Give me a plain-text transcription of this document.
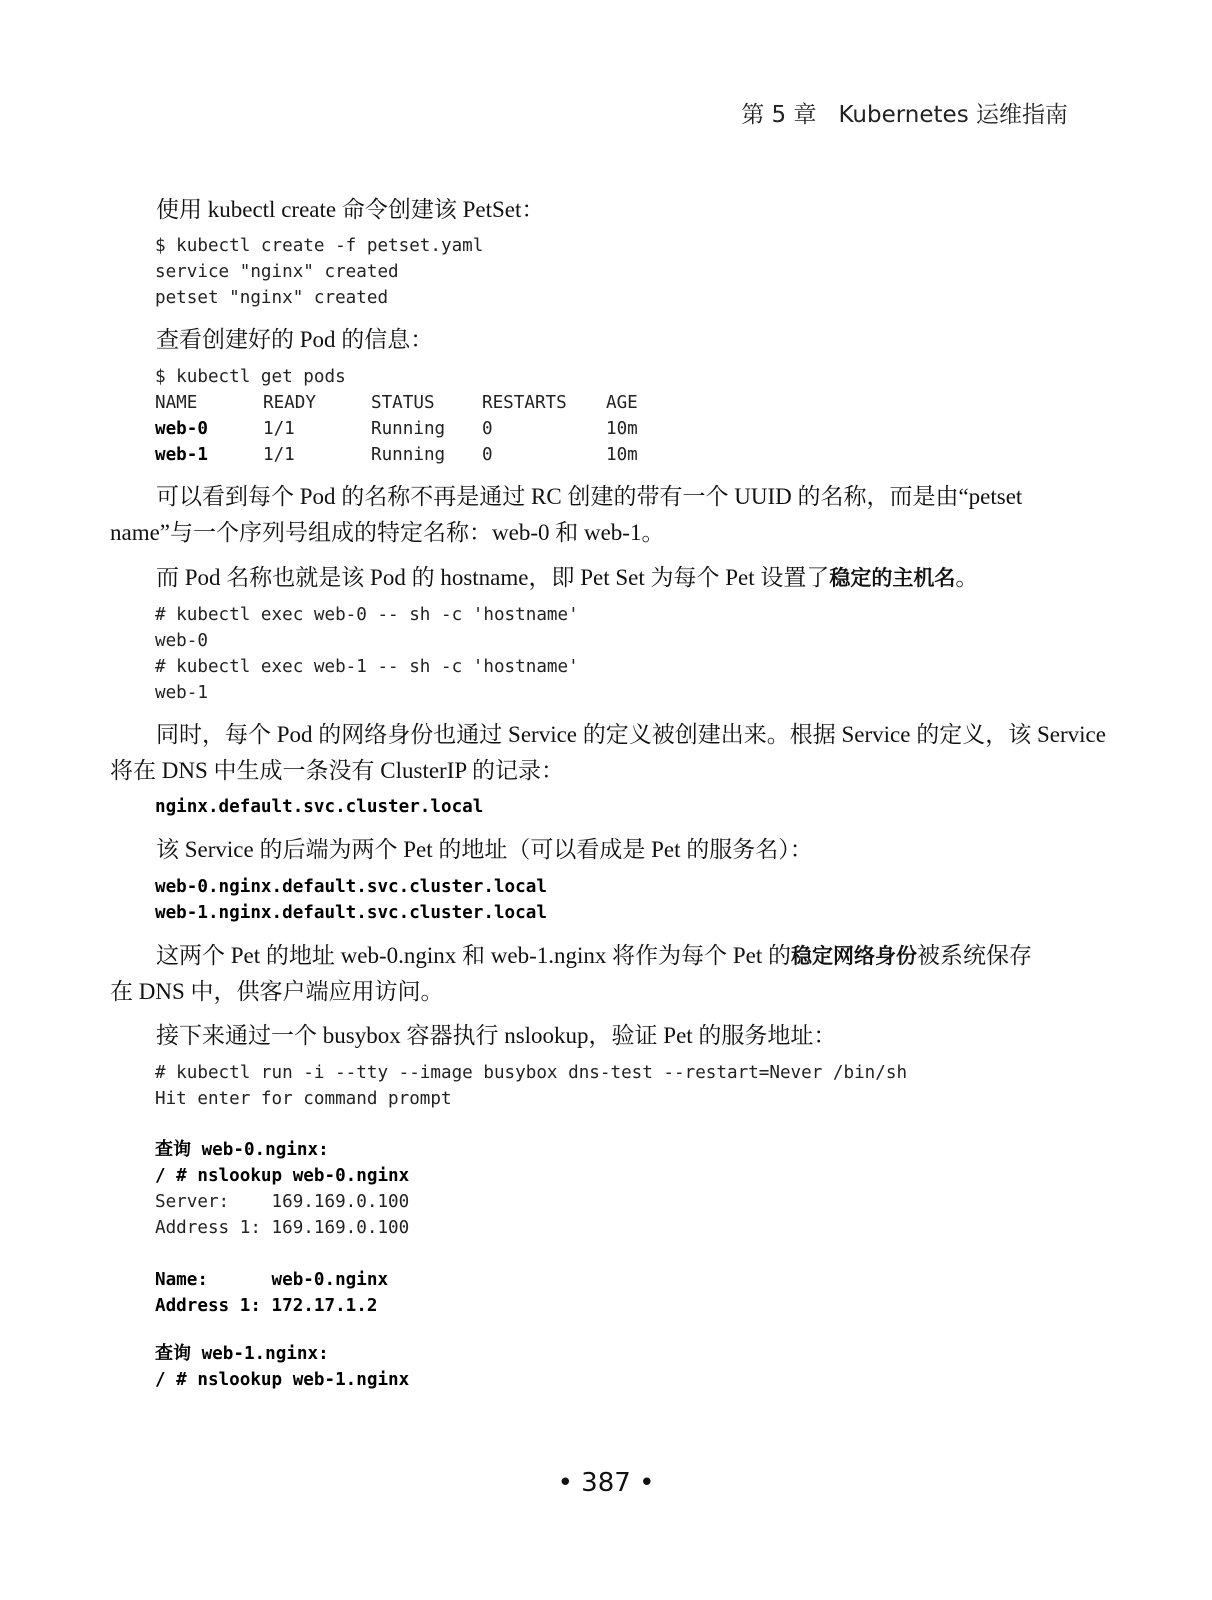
第 5 章 Kubernetes 运维指南
使用 kubectl create 命令创建该 PetSet：
$ kubectl create -f petset.yaml
service "nginx" created
petset "nginx" created
查看创建好的 Pod 的信息：
$ kubectl get pods
NAME	READY	STATUS	RESTARTS AGE
web-0	1/1	Running 0	10m
web-1	1/1	Running 0	10m
可以看到每个 Pod 的名称不再是通过 RC 创建的带有一个 UUID 的名称，而是由“petset
name”与一个序列号组成的特定名称：web-0 和 web-1。
而 Pod 名称也就是该 Pod 的 hostname，即 Pet Set 为每个 Pet 设置了稳定的主机名。
# kubectl exec web-0 -- sh -c 'hostname'
web-0
# kubectl exec web-1 -- sh -c 'hostname'
web-1
同时，每个 Pod 的网络身份也通过 Service 的定义被创建出来。根据 Service 的定义，该 Service
将在 DNS 中生成一条没有 ClusterIP 的记录：
nginx.default.svc.cluster.local
该 Service 的后端为两个 Pet 的地址（可以看成是 Pet 的服务名）：
web-0.nginx.default.svc.cluster.local
web-1.nginx.default.svc.cluster.local
这两个 Pet 的地址 web-0.nginx 和 web-1.nginx 将作为每个 Pet 的稳定网络身份被系统保存
在 DNS 中，供客户端应用访问。
接下来通过一个 busybox 容器执行 nslookup，验证 Pet 的服务地址：
# kubectl run -i --tty --image busybox dns-test --restart=Never /bin/sh
Hit enter for command prompt
查询 web-0.nginx:
/ # nslookup web-0.nginx
Server:    169.169.0.100
Address 1: 169.169.0.100
Name:      web-0.nginx
Address 1: 172.17.1.2
查询 web-1.nginx:
/ # nslookup web-1.nginx
• 387 •
